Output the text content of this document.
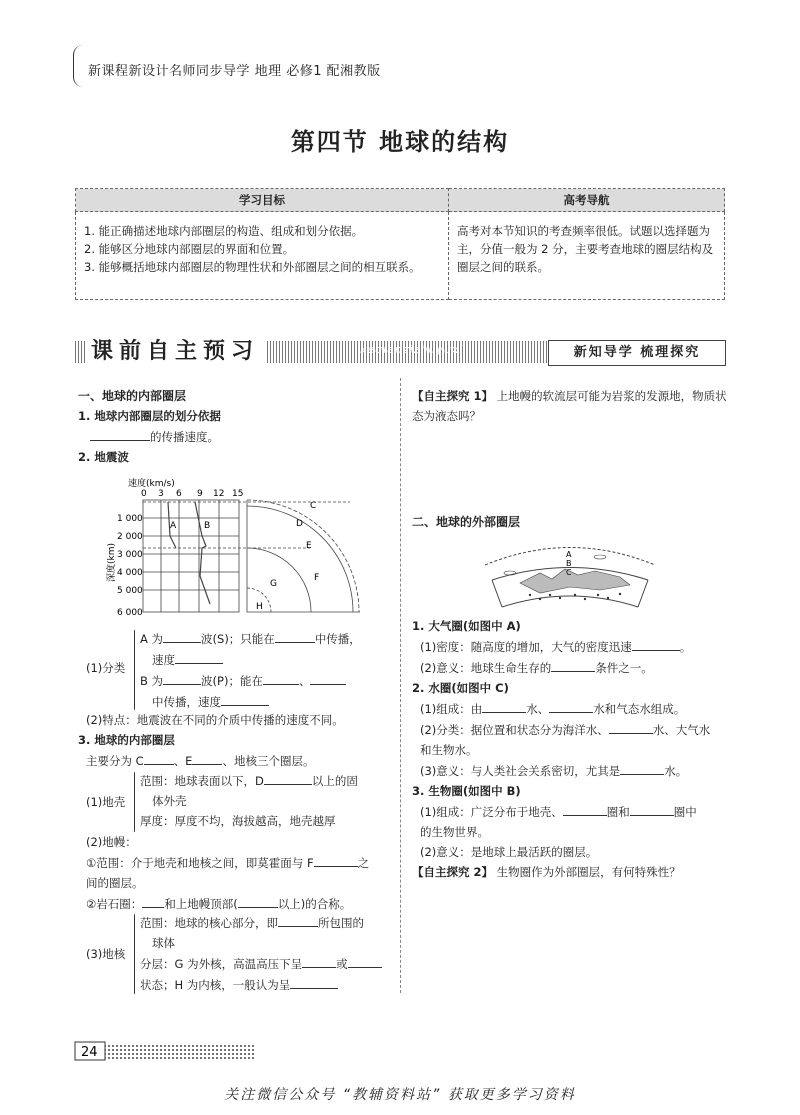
新课程新设计名师同步导学 地理 必修1 配湘教版
第四节 地球的结构
学习目标	高考导航

1. 能正确描述地球内部圈层的构造、组成和划分依据。
2. 能够区分地球内部圈层的界面和位置。
3. 能够概括地球内部圈层的物理性状和外部圈层之间的相互联系。	高考对本节知识的考查频率很低。试题以选择题为主，分值一般为 2 分，主要考查地球的圈层结构及圈层之间的联系。
课前自主预习	keqianzizhuyuxi	新知导学 梳理探究
一、地球的内部圈层
1. 地球内部圈层的划分依据
的传播速度。
2. 地震波
速度(km/s)
0 3 6 9 12 15
1 000
2 000
3 000
4 000
5 000
6 000
深度(km)
A	B
C
D
E
F
G
H
(1)分类
A 为	波(S)；只能在	中传播，
速度
B 为	波(P)；能在	、
中传播，速度
(2)特点：地震波在不同的介质中传播的速度不同。
3. 地球的内部圈层
主要分为 C	、E	、地核三个圈层。
(1)地壳
范围：地球表面以下，D	以上的固
体外壳
厚度：厚度不均，海拔越高，地壳越厚
(2)地幔：
①范围：介于地壳和地核之间，即莫霍面与 F	之
间的圈层。
②岩石圈： 和上地幔顶部(	以上)的合称。
(3)地核
范围：地球的核心部分，即	所包围的
球体
分层：G 为外核，高温高压下呈	或
状态；H 为内核，一般认为呈
【自主探究 1】 上地幔的软流层可能为岩浆的发源地，物质状态为液态吗？
二、地球的外部圈层
A
B
C
1. 大气圈(如图中 A)
(1)密度：随高度的增加，大气的密度迅速	。
(2)意义：地球生命生存的	条件之一。
2. 水圈(如图中 C)
(1)组成：由	水、	水和气态水组成。
(2)分类：据位置和状态分为海洋水、	水、大气水
和生物水。
(3)意义：与人类社会关系密切，尤其是	水。
3. 生物圈(如图中 B)
(1)组成：广泛分布于地壳、	圈和	圈中
的生物世界。
(2)意义：是地球上最活跃的圈层。
【自主探究 2】 生物圈作为外部圈层，有何特殊性？
24
关注微信公众号 “教辅资料站” 获取更多学习资料
